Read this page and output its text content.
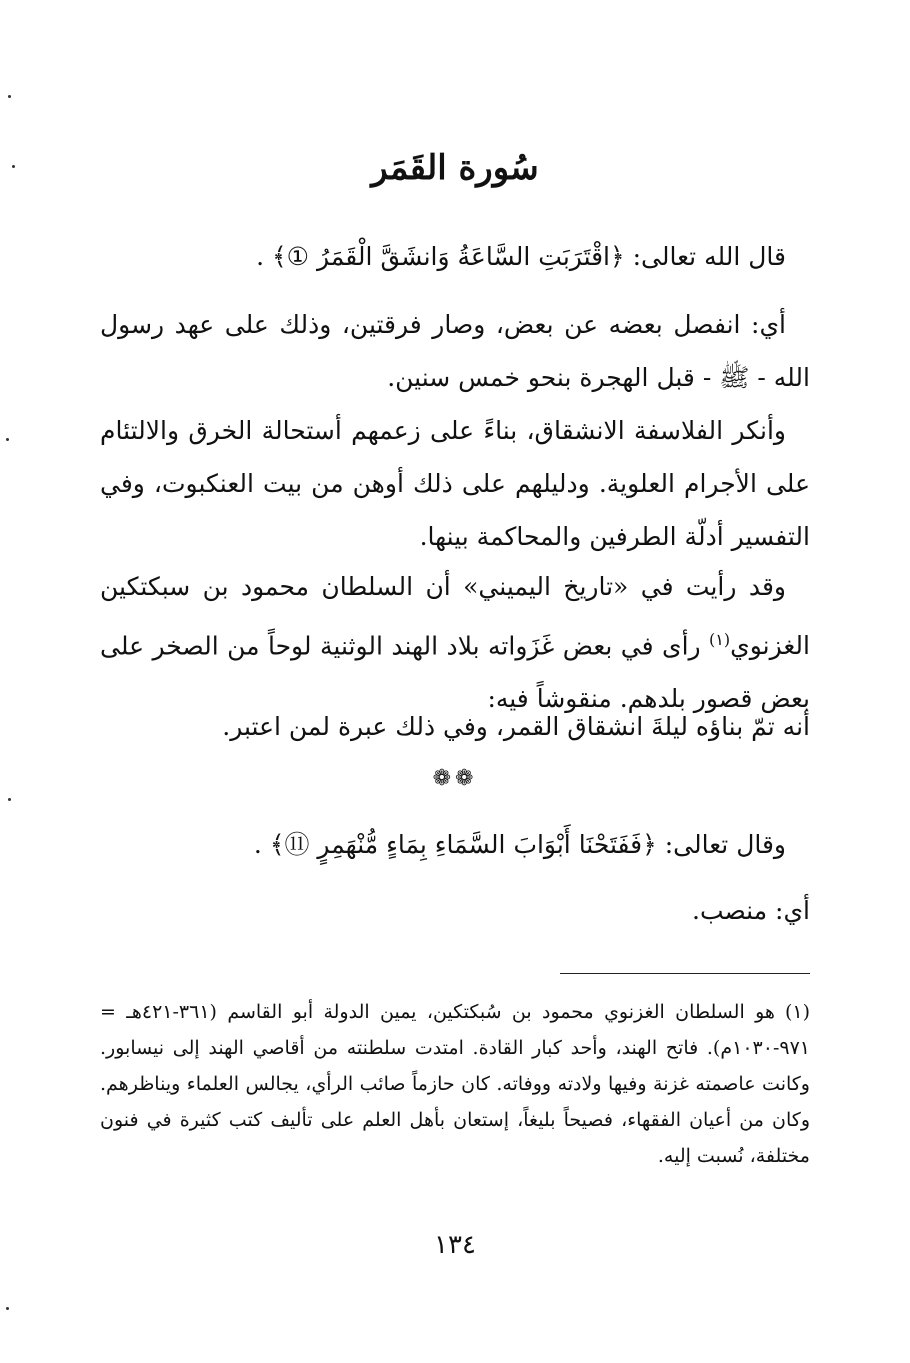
سُورة القَمَر

قال الله تعالى: ﴿اقْتَرَبَتِ السَّاعَةُ وَانشَقَّ الْقَمَرُ ①﴾ .

أي: انفصل بعضه عن بعض، وصار فرقتين، وذلك على عهد رسول الله - ﷺ - قبل الهجرة بنحو خمس سنين.

وأنكر الفلاسفة الانشقاق، بناءً على زعمهم أستحالة الخرق والالتئام على الأجرام العلوية. ودليلهم على ذلك أوهن من بيت العنكبوت، وفي التفسير أدلّة الطرفين والمحاكمة بينها.

وقد رأيت في «تاريخ اليميني» أن السلطان محمود بن سبكتكين الغزنوي$^{(١)}$ رأى في بعض غَزَواته بلاد الهند الوثنية لوحاً من الصخر على بعض قصور بلدهم. منقوشاً فيه:

أنه تمّ بناؤه ليلةَ انشقاق القمر، وفي ذلك عبرة لمن اعتبر.

❁❁

وقال تعالى: ﴿فَفَتَحْنَا أَبْوَابَ السَّمَاءِ بِمَاءٍ مُّنْهَمِرٍ ⑪﴾ .

أي: منصب.

(١)هو السلطان الغزنوي محمود بن سُبكتكين، يمين الدولة أبو القاسم (٣٦١-٤٢١هـ = ٩٧١-١٠٣٠م). فاتح الهند، وأحد كبار القادة. امتدت سلطنته من أقاصي الهند إلى نيسابور. وكانت عاصمته غزنة وفيها ولادته ووفاته. كان حازماً صائب الرأي، يجالس العلماء ويناظرهم. وكان من أعيان الفقهاء، فصيحاً بليغاً، إستعان بأهل العلم على تأليف كتب كثيرة في فنون مختلفة، نُسبت إليه.

١٣٤
